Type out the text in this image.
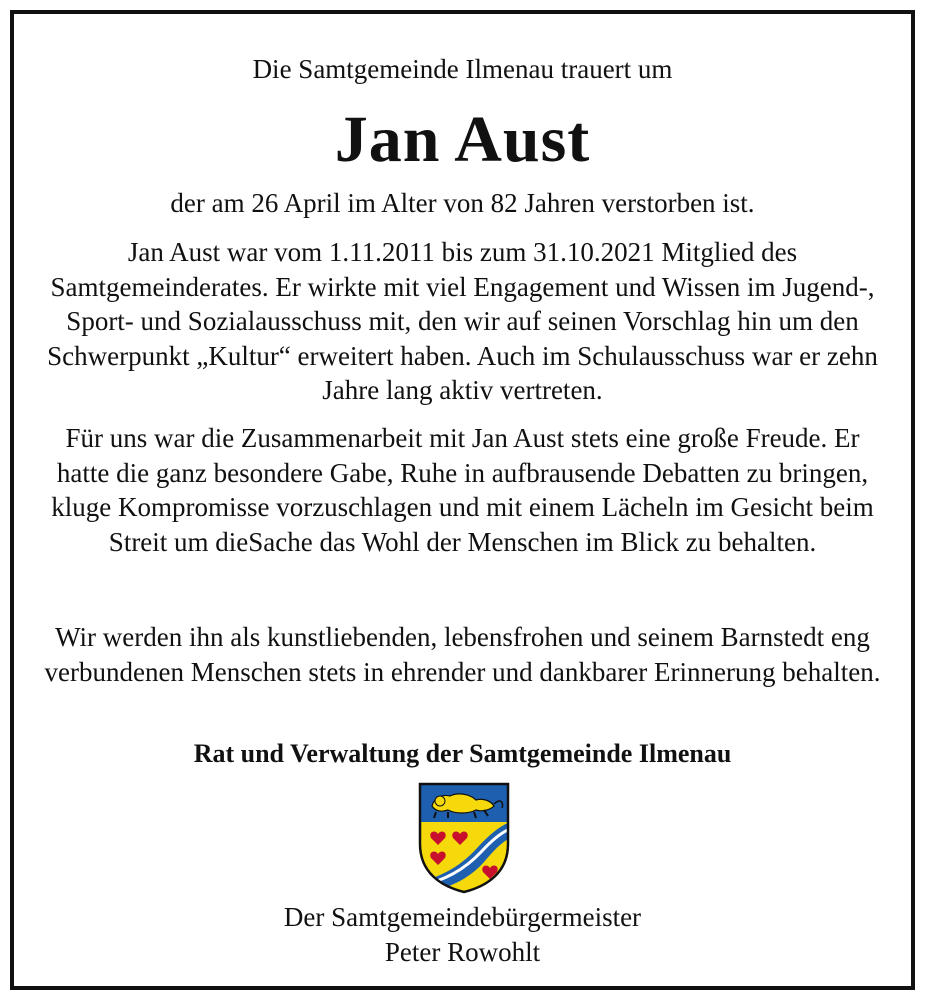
Die Samtgemeinde Ilmenau trauert um
Jan Aust
der am 26 April im Alter von 82 Jahren verstorben ist.
Jan Aust war vom 1.11.2011 bis zum 31.10.2021 Mitglied des Samtgemeinderates. Er wirkte mit viel Engagement und Wissen im Jugend-, Sport- und Sozialausschuss mit, den wir auf seinen Vorschlag hin um den Schwerpunkt „Kultur“ erweitert haben. Auch im Schulausschuss war er zehn Jahre lang aktiv vertreten.
Für uns war die Zusammenarbeit mit Jan Aust stets eine große Freude. Er hatte die ganz besondere Gabe, Ruhe in aufbrausende Debatten zu bringen, kluge Kompromisse vorzuschlagen und mit einem Lächeln im Gesicht beim Streit um dieSache das Wohl der Menschen im Blick zu behalten.
Wir werden ihn als kunstliebenden, lebensfrohen und seinem Barnstedt eng verbundenen Menschen stets in ehrender und dankbarer Erinnerung behalten.
Rat und Verwaltung der Samtgemeinde Ilmenau
Der Samtgemeindebürgermeister
Peter Rowohlt
